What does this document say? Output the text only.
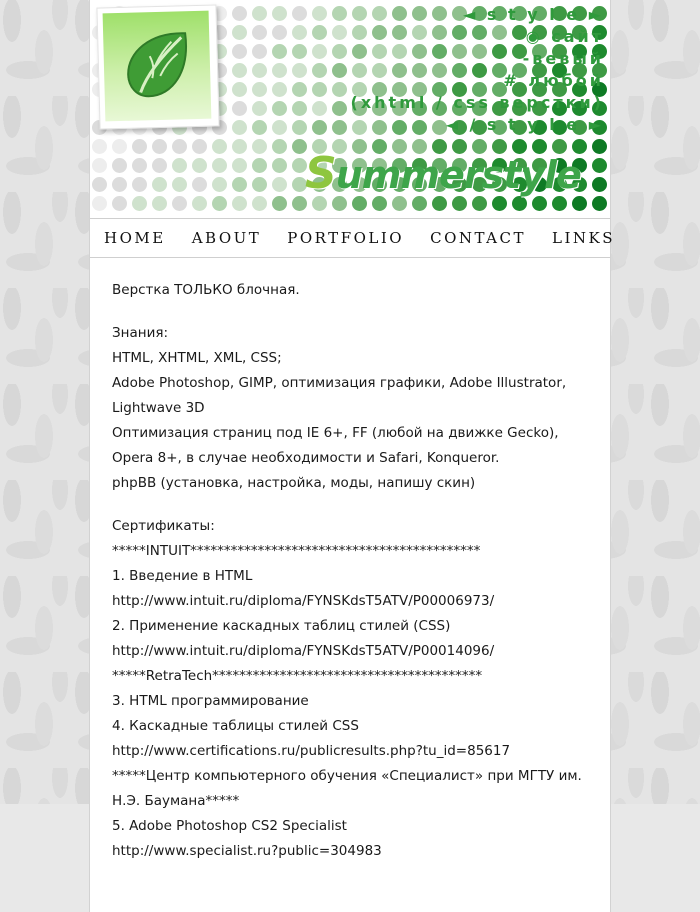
◄ s t y l e ►
◉ сайт
-вевый
# любой
(xhtml / css верстки)
◄ / s t y l e ►
Summerstyle
HOME ABOUT PORTFOLIO CONTACT LINKS

Верстка ТОЛЬКО блочная.

Знания:
HTML, XHTML, XML, CSS;
Adobe Photoshop, GIMP, оптимизация графики, Adobe Illustrator, Lightwave 3D
Оптимизация страниц под IE 6+, FF (любой на движке Gecko), Opera 8+, в случае необходимости и Safari, Konqueror.
phpBB (установка, настройка, моды, напишу скин)

Сертификаты:
*****INTUIT*******************************************
1. Введение в HTML
http://www.intuit.ru/diploma/FYNSKdsT5ATV/P00006973/
2. Применение каскадных таблиц стилей (CSS)
http://www.intuit.ru/diploma/FYNSKdsT5ATV/P00014096/
*****RetraTech****************************************
3. HTML программирование
4. Каскадные таблицы стилей CSS
http://www.certifications.ru/publicresults.php?tu_id=85617
*****Центр компьютерного обучения «Специалист» при МГТУ им. Н.Э. Баумана*****
5. Adobe Photoshop CS2 Specialist
http://www.specialist.ru?public=304983
